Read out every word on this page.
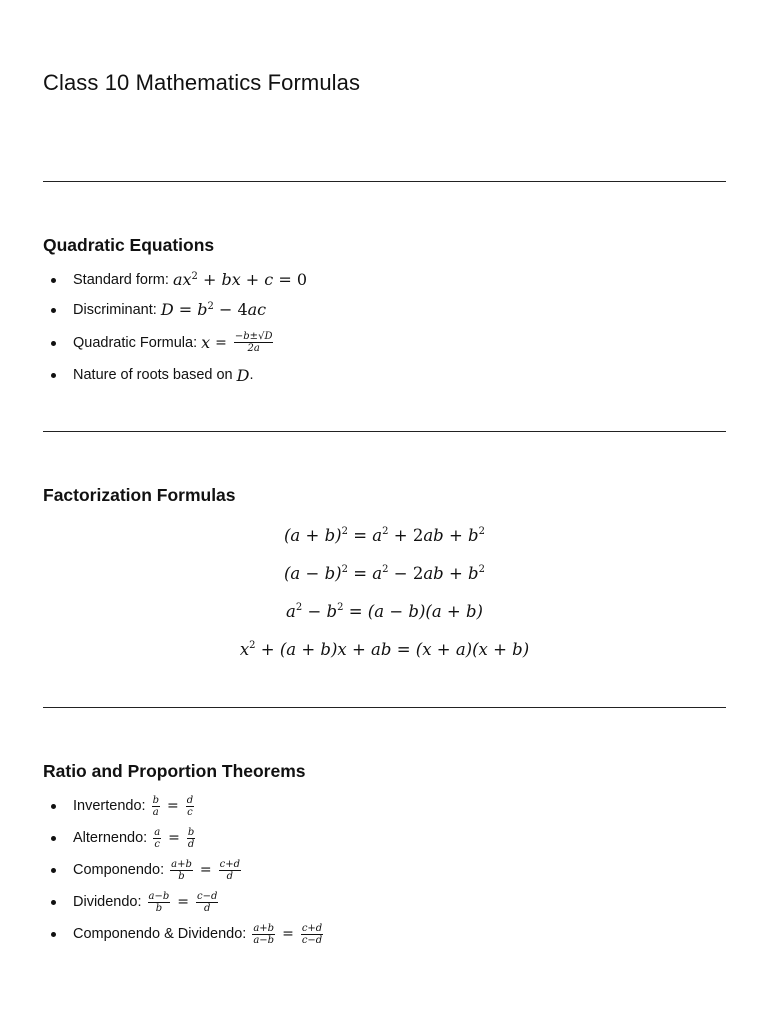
Class 10 Mathematics Formulas
Quadratic Equations
Standard form: $ax^2$ + bx + c = 0
Discriminant: $D = b^2 - 4ac$
Quadratic Formula: $x = \frac{-b\pm√D}{2a}$
Nature of roots based on D .
Factorization Formulas
$(a + b)^2 = a^2 + 2ab + b^2$
$(a - b)^2 = a^2 - 2ab + b^2$
$a^2 - b^2 = (a - b)(a + b)$
$x^2 + (a + b)x$ + ab = (x + a)(x + b)
Ratio and Proportion Theorems
Invertendo: $\frac{b}{a} = \frac{d}{c}$
Alternendo: $\frac{a}{c} = \frac{b}{d}$
Componendo: $\frac{a+b}{b} = \frac{c+d}{d}$
Dividendo: $\frac{a-b}{b} = \frac{c-d}{d}$
Componendo & Dividendo: $\frac{a+b}{a-b} = \frac{c+d}{c-d}$
